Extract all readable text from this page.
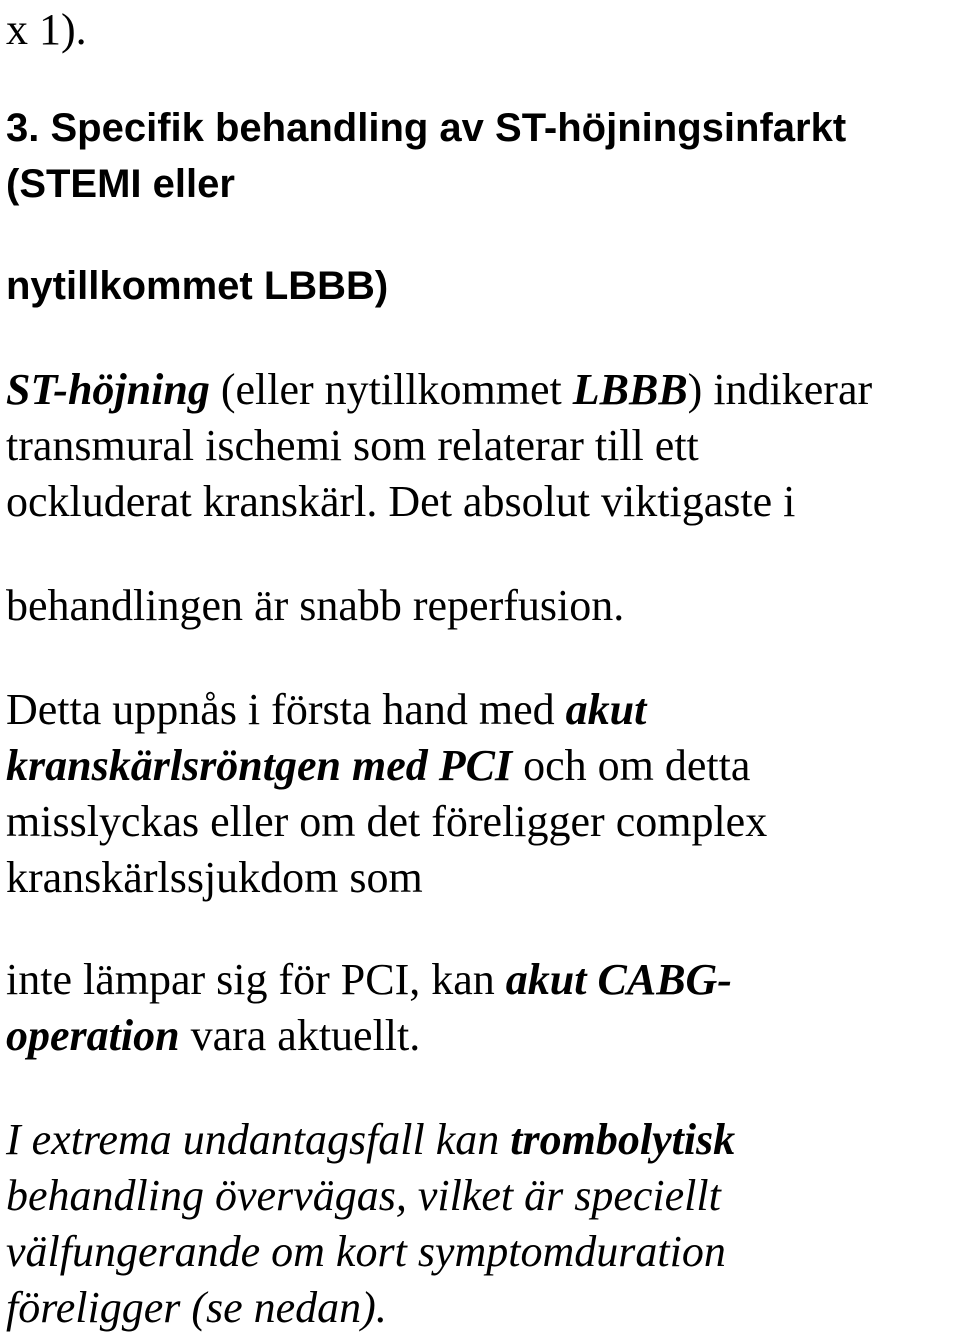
x 1).
3. Specifik behandling av ST-höjningsinfarkt
(STEMI eller
nytillkommet LBBB)
ST-höjning (eller nytillkommet LBBB) indikerar
transmural ischemi som relaterar till ett
ockluderat kranskärl. Det absolut viktigaste i
behandlingen är snabb reperfusion.
Detta uppnås i första hand med akut
kranskärlsröntgen med PCI och om detta
misslyckas eller om det föreligger complex
kranskärlssjukdom som
inte lämpar sig för PCI, kan akut CABG-
operation vara aktuellt.
I extrema undantagsfall kan trombolytisk
behandling övervägas, vilket är speciellt
välfungerande om kort symptomduration
föreligger (se nedan).
